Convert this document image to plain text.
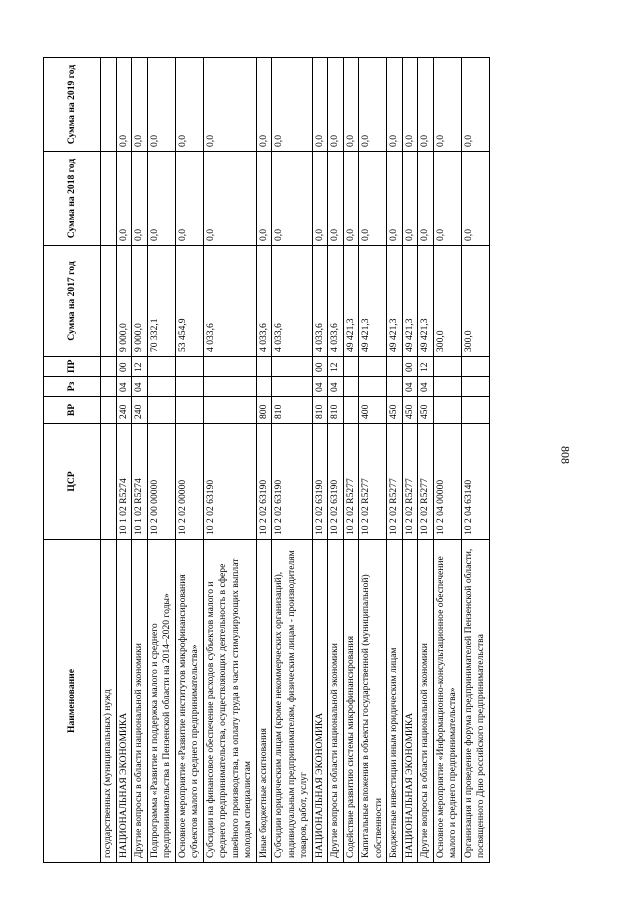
808
Наименование	ЦСР	ВР	Рз	ПР	Сумма на 2017 год	Сумма на 2018 год	Сумма на 2019 год
государственных (муниципальных) нужд							
НАЦИОНАЛЬНАЯ ЭКОНОМИКА	10 1 02 R5274	240	04	00	9 000,0	0,0	0,0
Другие вопросы в области национальной экономики	10 1 02 R5274	240	04	12	9 000,0	0,0	0,0
Подпрограмма «Развитие и поддержка малого и среднего предпринимательства в Пензенской области на 2014–2020 годы»	10 2 00 00000				70 332,1	0,0	0,0
Основное мероприятие «Развитие институтов микрофинансирования субъектов малого и среднего предпринимательства»	10 2 02 00000				53 454,9	0,0	0,0
Субсидии на финансовое обеспечение расходов субъектов малого и среднего предпринимательства, осуществляющих деятельность в сфере швейного производства, на оплату труда в части стимулирующих выплат молодым специалистам	10 2 02 63190				4 033,6	0,0	0,0
Иные бюджетные ассигнования	10 2 02 63190	800			4 033,6	0,0	0,0
Субсидии юридическим лицам (кроме некоммерческих организаций), индивидуальным предпринимателям, физическим лицам - производителям товаров, работ, услуг	10 2 02 63190	810			4 033,6	0,0	0,0
НАЦИОНАЛЬНАЯ ЭКОНОМИКА	10 2 02 63190	810	04	00	4 033,6	0,0	0,0
Другие вопросы в области национальной экономики	10 2 02 63190	810	04	12	4 033,6	0,0	0,0
Содействие развитию системы микрофинансирования	10 2 02 R5277				49 421,3	0,0	0,0
Капитальные вложения в объекты государственной (муниципальной) собственности	10 2 02 R5277	400			49 421,3	0,0	0,0
Бюджетные инвестиции иным юридическим лицам	10 2 02 R5277	450			49 421,3	0,0	0,0
НАЦИОНАЛЬНАЯ ЭКОНОМИКА	10 2 02 R5277	450	04	00	49 421,3	0,0	0,0
Другие вопросы в области национальной экономики	10 2 02 R5277	450	04	12	49 421,3	0,0	0,0
Основное мероприятие «Информационно-консультационное обеспечение малого и среднего предпринимательства»	10 2 04 00000				300,0	0,0	0,0
Организация и проведение форума предпринимателей Пензенской области, посвященного Дню российского предпринимательства	10 2 04 63140				300,0	0,0	0,0
